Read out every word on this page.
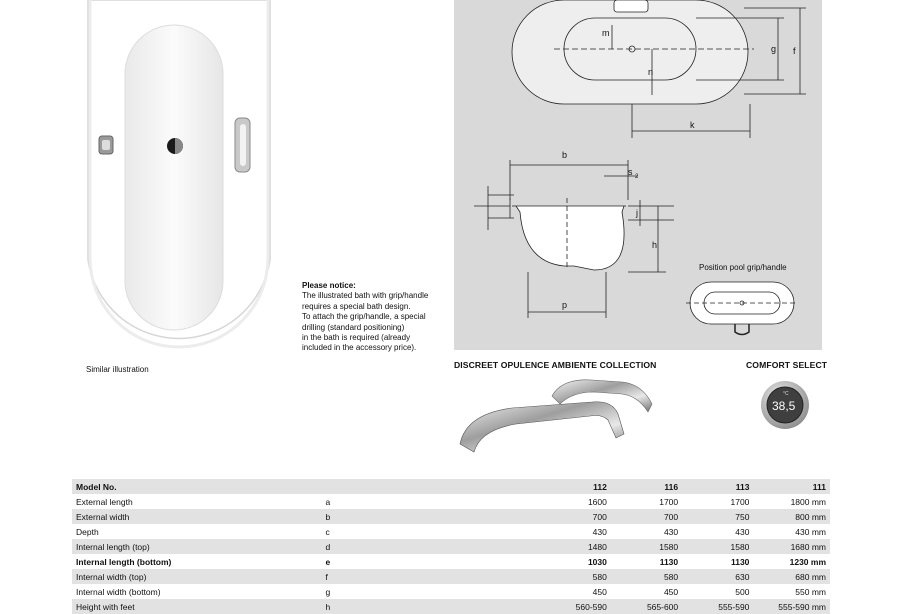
Similar illustration
Please notice:
The illustrated bath with grip/handle
requires a special bath design.
To attach the grip/handle, a special
drilling (standard positioning)
in the bath is required (already
included in the accessory price).
m
n
g f
k
b
s 2
j
h
p
Position pool grip/handle
DISCREET OPULENCE AMBIENTE COLLECTION	COMFORT SELECT
38,5
°C
Model No.		112	116	113	111
External length	a	1600	1700	1700	1800 mm
External width	b	700	700	750	800 mm
Depth	c	430	430	430	430 mm
Internal length (top)	d	1480	1580	1580	1680 mm
Internal length (bottom)	e	1030	1130	1130	1230 mm
Internal width (top)	f	580	580	630	680 mm
Internal width (bottom)	g	450	450	500	550 mm
Height with feet	h	560-590	565-600	555-590	555-590 mm
